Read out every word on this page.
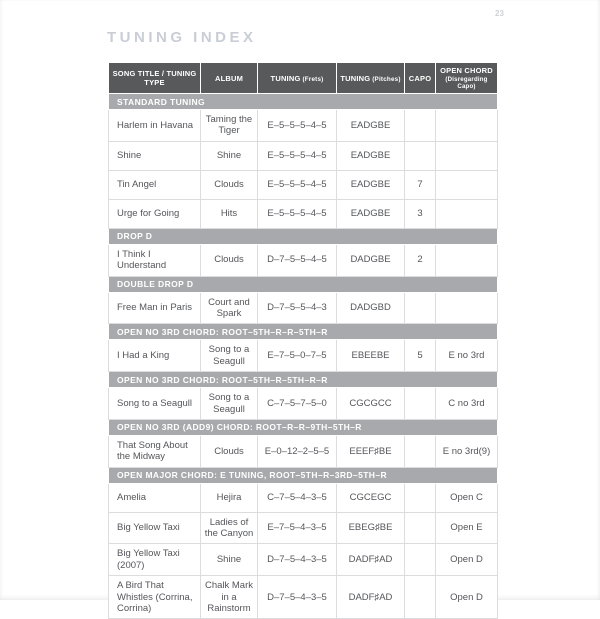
23
TUNING INDEX
SONG TITLE / TUNING TYPE	ALBUM	TUNING (Frets)	TUNING (Pitches)	CAPO	OPEN CHORD
(Disregarding Capo)

STANDARD TUNING					
Harlem in Havana	Taming the Tiger	E–5–5–5–4–5	EADGBE		
Shine	Shine	E–5–5–5–4–5	EADGBE		
Tin Angel	Clouds	E–5–5–5–4–5	EADGBE	7	
Urge for Going	Hits	E–5–5–5–4–5	EADGBE	3	
DROP D					
I Think I Understand	Clouds	D–7–5–5–4–5	DADGBE	2	
DOUBLE DROP D					
Free Man in Paris	Court and Spark	D–7–5–5–4–3	DADGBD		
OPEN NO 3RD CHORD: ROOT–5TH–R–R–5TH–R					
I Had a King	Song to a Seagull	E–7–5–0–7–5	EBEEBE	5	E no 3rd
OPEN NO 3RD CHORD: ROOT–5TH–R–5TH–R–R					
Song to a Seagull	Song to a Seagull	C–7–5–7–5–0	CGCGCC		C no 3rd
OPEN NO 3RD (ADD9) CHORD: ROOT–R–R–9TH–5TH–R					
That Song About the Midway	Clouds	E–0–12–2–5–5	EEEF♯BE		E no 3rd(9)
OPEN MAJOR CHORD: E TUNING, ROOT–5TH–R–3RD–5TH–R					
Amelia	Hejira	C–7–5–4–3–5	CGCEGC		Open C
Big Yellow Taxi	Ladies of the Canyon	E–7–5–4–3–5	EBEG♯BE		Open E
Big Yellow Taxi (2007)	Shine	D–7–5–4–3–5	DADF♯AD		Open D
A Bird That Whistles (Corrina, Corrina)	Chalk Mark in a Rainstorm	D–7–5–4–3–5	DADF♯AD		Open D
